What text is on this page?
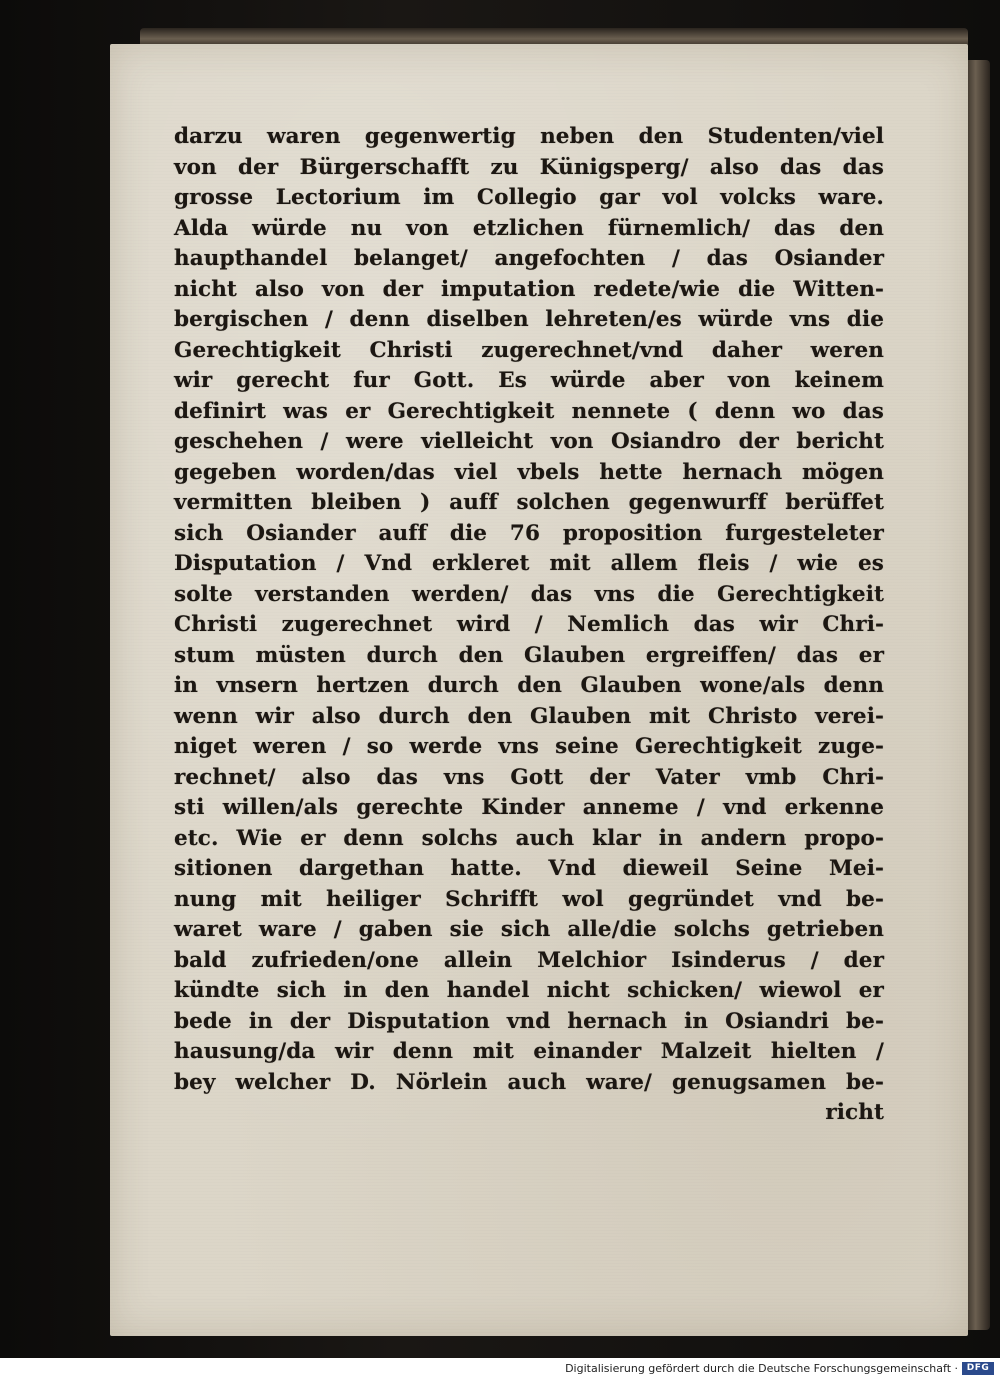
darzu waren gegenwertig neben den Studenten/viel
von der Bürgerschafft zu Künigsperg/ also das das
grosse Lectorium im Collegio gar vol volcks ware.
Alda würde nu von etzlichen fürnemlich/ das den
haupthandel belanget/ angefochten / das Osiander
nicht also von der imputation redete/wie die Witten-
bergischen / denn diselben lehreten/es würde vns die
Gerechtigkeit Christi zugerechnet/vnd daher weren
wir gerecht fur Gott. Es würde aber von keinem
definirt was er Gerechtigkeit nennete ( denn wo das
geschehen / were vielleicht von Osiandro der bericht
gegeben worden/das viel vbels hette hernach mögen
vermitten bleiben ) auff solchen gegenwurff berüffet
sich Osiander auff die 76 proposition furgesteleter
Disputation / Vnd erkleret mit allem fleis / wie es
solte verstanden werden/ das vns die Gerechtigkeit
Christi zugerechnet wird / Nemlich das wir Chri-
stum müsten durch den Glauben ergreiffen/ das er
in vnsern hertzen durch den Glauben wone/als denn
wenn wir also durch den Glauben mit Christo verei-
niget weren / so werde vns seine Gerechtigkeit zuge-
rechnet/ also das vns Gott der Vater vmb Chri-
sti willen/als gerechte Kinder anneme / vnd erkenne
etc. Wie er denn solchs auch klar in andern propo-
sitionen dargethan hatte. Vnd dieweil Seine Mei-
nung mit heiliger Schrifft wol gegründet vnd be-
waret ware / gaben sie sich alle/die solchs getrieben
bald zufrieden/one allein Melchior Isinderus / der
kündte sich in den handel nicht schicken/ wiewol er
bede in der Disputation vnd hernach in Osiandri be-
hausung/da wir denn mit einander Malzeit hielten /
bey welcher D. Nörlein auch ware/ genugsamen be-
richt
Digitalisierung gefördert durch die Deutsche Forschungsgemeinschaft · DFG
